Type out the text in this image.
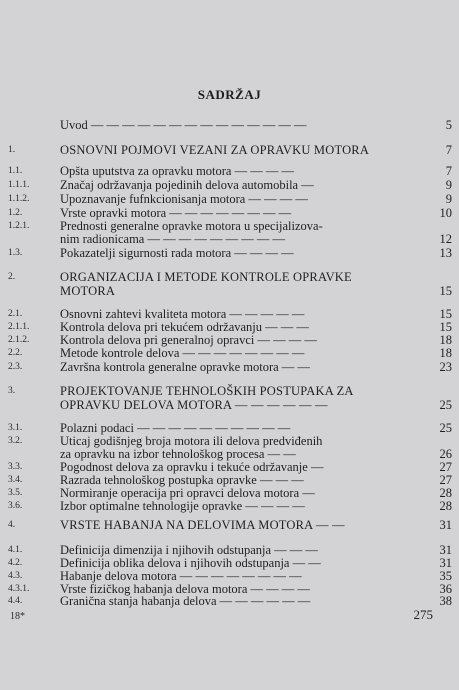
SADRŽAJ
Uvod — — — — — — — — — — — — — —	5
1.	OSNOVNI POJMOVI VEZANI ZA OPRAVKU MOTORA	7
1.1.	Opšta uputstva za opravku motora — — — —	7
1.1.1. Značaj održavanja pojedinih delova automobila —	9
1.1.2. Upoznavanje fufnkcionisanja motora — — — —	9
1.2.	Vrste opravki motora — — — — — — — —	10
1.2.1. Prednosti generalne opravke motora u specijalizova-
nim radionicama — — — — — — — — —	12
1.3.	Pokazatelji sigurnosti rada motora — — — —	13
2.	ORGANIZACIJA I METODE KONTROLE OPRAVKE
MOTORA	15
2.1.	Osnovni zahtevi kvaliteta motora — — — — —	15
2.1.1. Kontrola delova pri tekućem održavanju — — —	15
2.1.2. Kontrola delova pri generalnoj opravci — — — —	18
2.2.	Metode kontrole delova — — — — — — — —	18
2.3.	Završna kontrola generalne opravke motora — —	23
3.	PROJEKTOVANJE TEHNOLOŠKIH POSTUPAKA ZA
OPRAVKU DELOVA MOTORA — — — — — —	25
3.1.	Polazni podaci — — — — — — — — — —	25
3.2.	Uticaj godišnjeg broja motora ili delova predviđenih
za opravku na izbor tehnološkog procesa — —	26
3.3.	Pogodnost delova za opravku i tekuće održavanje —	27
3.4.	Razrada tehnološkog postupka opravke — — —	27
3.5.	Normiranje operacija pri opravci delova motora —	28
3.6.	Izbor optimalne tehnologije opravke — — — —	28
4.	VRSTE HABANJA NA DELOVIMA MOTORA — —	31
4.1.	Definicija dimenzija i njihovih odstupanja — — —	31
4.2.	Definicija oblika delova i njihovih odstupanja — —	31
4.3.	Habanje delova motora — — — — — — — —	35
4.3.1. Vrste fizičkog habanja delova motora — — — —	36
4.4.	Granična stanja habanja delova — — — — — —	38
18*	275
